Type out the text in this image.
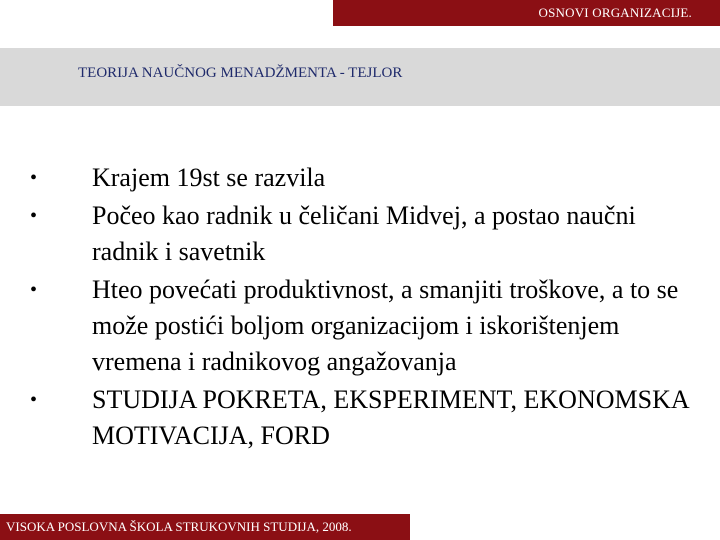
OSNOVI ORGANIZACIJE.
TEORIJA NAUČNOG MENADŽMENTA - TEJLOR
•	Krajem 19st se razvila
•	Počeo kao radnik u čeličani Midvej, a postao naučni radnik i savetnik
•	Hteo povećati produktivnost, a smanjiti troškove, a to se može postići boljom organizacijom i iskorištenjem vremena i radnikovog angažovanja
•	STUDIJA POKRETA, EKSPERIMENT, EKONOMSKA MOTIVACIJA, FORD
VISOKA POSLOVNA ŠKOLA STRUKOVNIH STUDIJA, 2008.
